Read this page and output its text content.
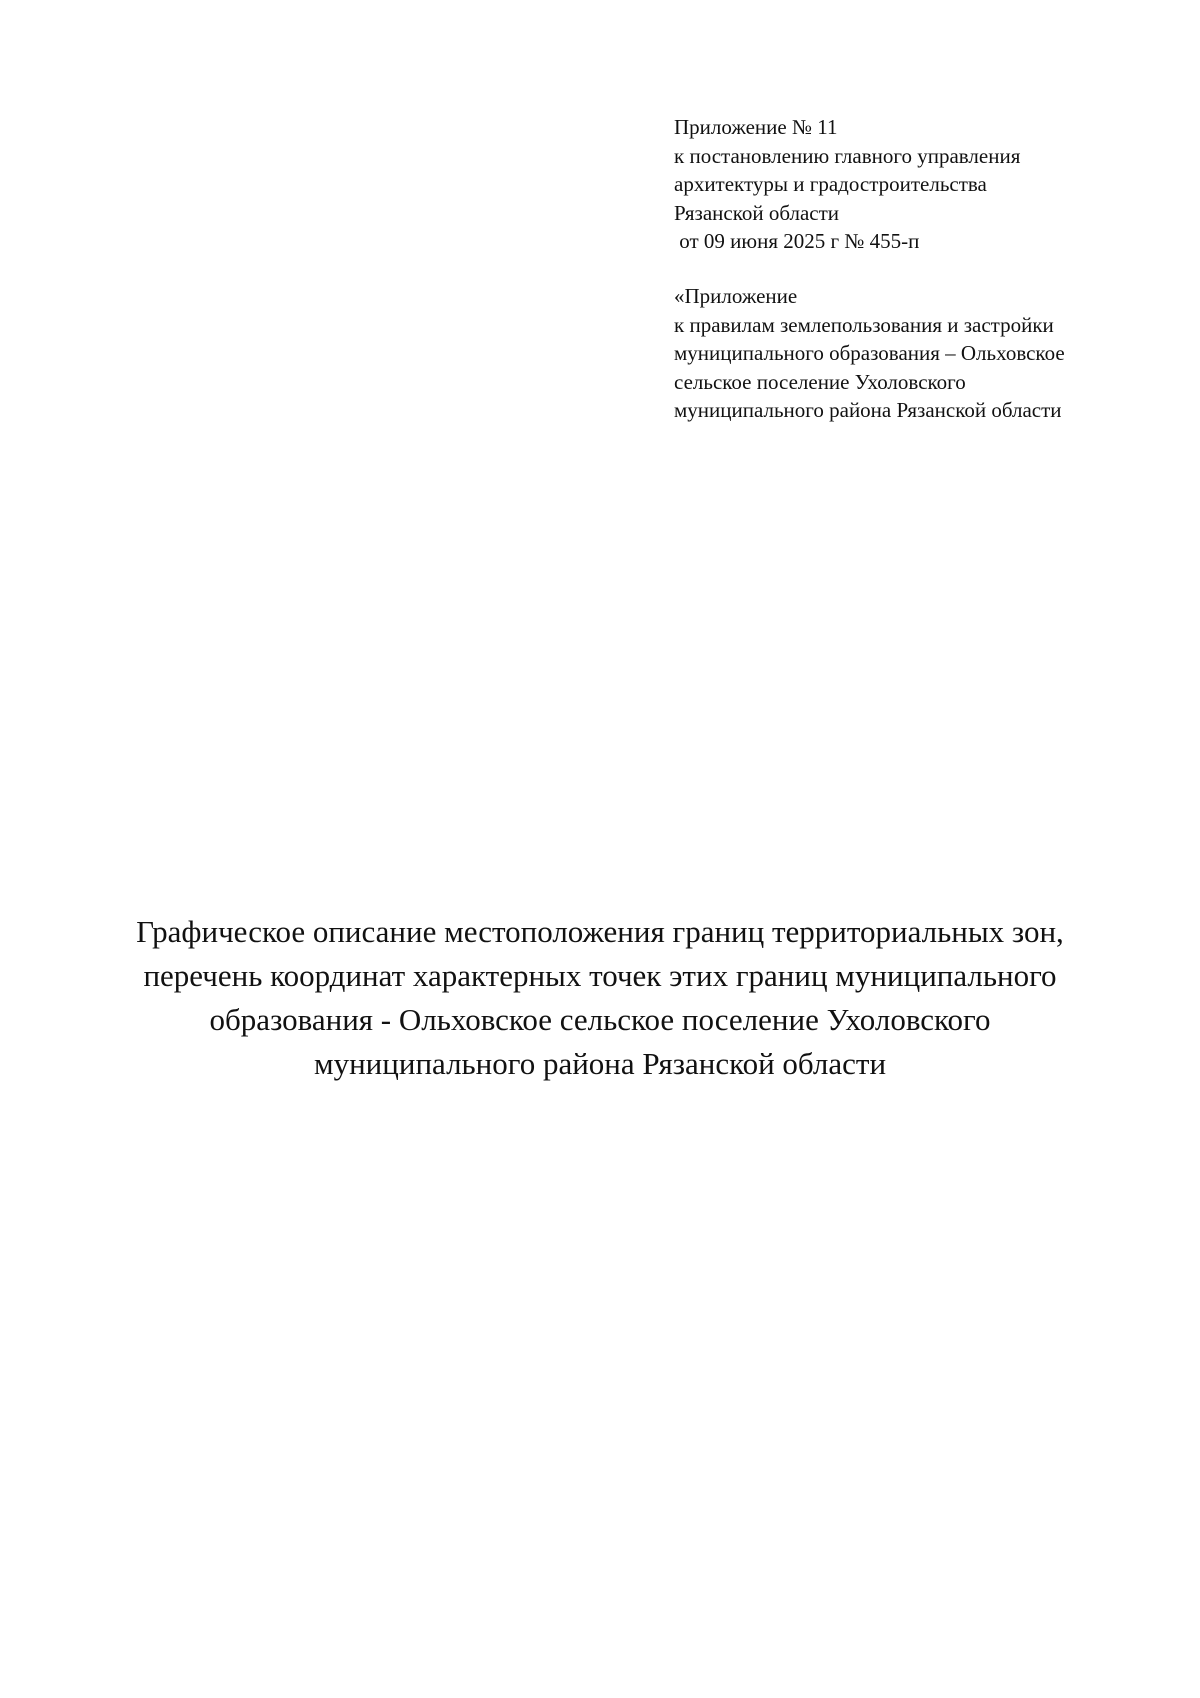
Приложение № 11
к постановлению главного управления
архитектуры и градостроительства
Рязанской области
от 09 июня 2025 г № 455-п
«Приложение
к правилам землепользования и застройки
муниципального образования – Ольховское
сельское поселение Ухоловского
муниципального района Рязанской области
Графическое описание местоположения границ территориальных зон,
перечень координат характерных точек этих границ муниципального
образования - Ольховское сельское поселение Ухоловского
муниципального района Рязанской области
